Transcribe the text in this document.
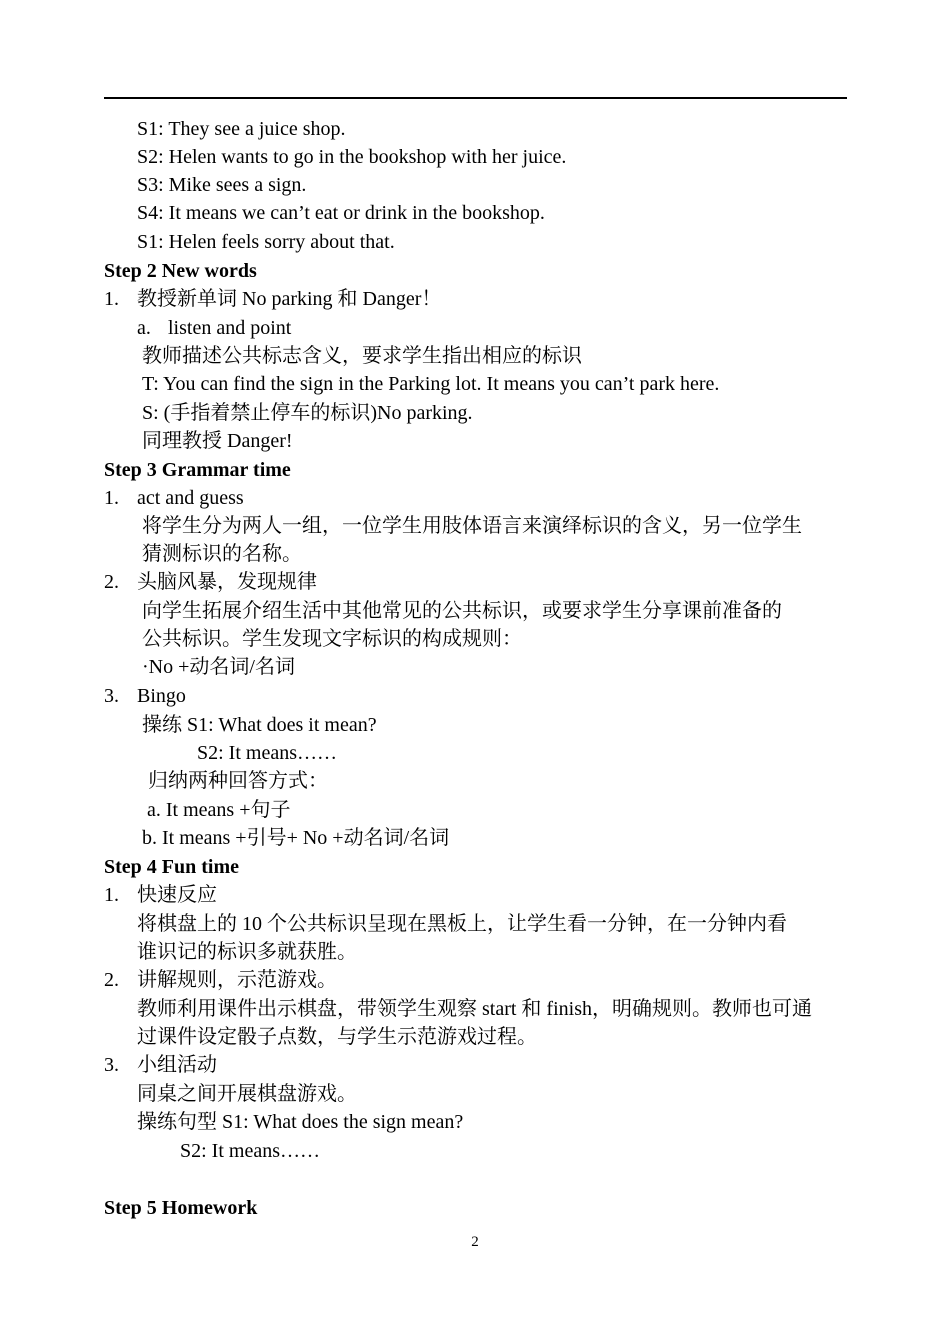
S1: They see a juice shop.
S2: Helen wants to go in the bookshop with her juice.
S3: Mike sees a sign.
S4: It means we can’t eat or drink in the bookshop.
S1: Helen feels sorry about that.
Step 2 New words
1. 教授新单词 No parking 和 Danger！
a. listen and point
教师描述公共标志含义，要求学生指出相应的标识
T: You can find the sign in the Parking lot. It means you can’t park here.
S: (手指着禁止停车的标识)No parking.
同理教授 Danger!
Step 3 Grammar time
1. act and guess
将学生分为两人一组，一位学生用肢体语言来演绎标识的含义，另一位学生
猜测标识的名称。
2. 头脑风暴，发现规律
向学生拓展介绍生活中其他常见的公共标识，或要求学生分享课前准备的
公共标识。学生发现文字标识的构成规则：
·No +动名词/名词
3. Bingo
操练 S1: What does it mean?
S2: It means……
归纳两种回答方式：
a. It means +句子
b. It means +引号+ No +动名词/名词
Step 4 Fun time
1. 快速反应
将棋盘上的 10 个公共标识呈现在黑板上，让学生看一分钟，在一分钟内看
谁识记的标识多就获胜。
2. 讲解规则，示范游戏。
教师利用课件出示棋盘，带领学生观察 start 和 finish，明确规则。教师也可通
过课件设定骰子点数，与学生示范游戏过程。
3. 小组活动
同桌之间开展棋盘游戏。
操练句型 S1: What does the sign mean?
S2: It means……
Step 5 Homework
2
